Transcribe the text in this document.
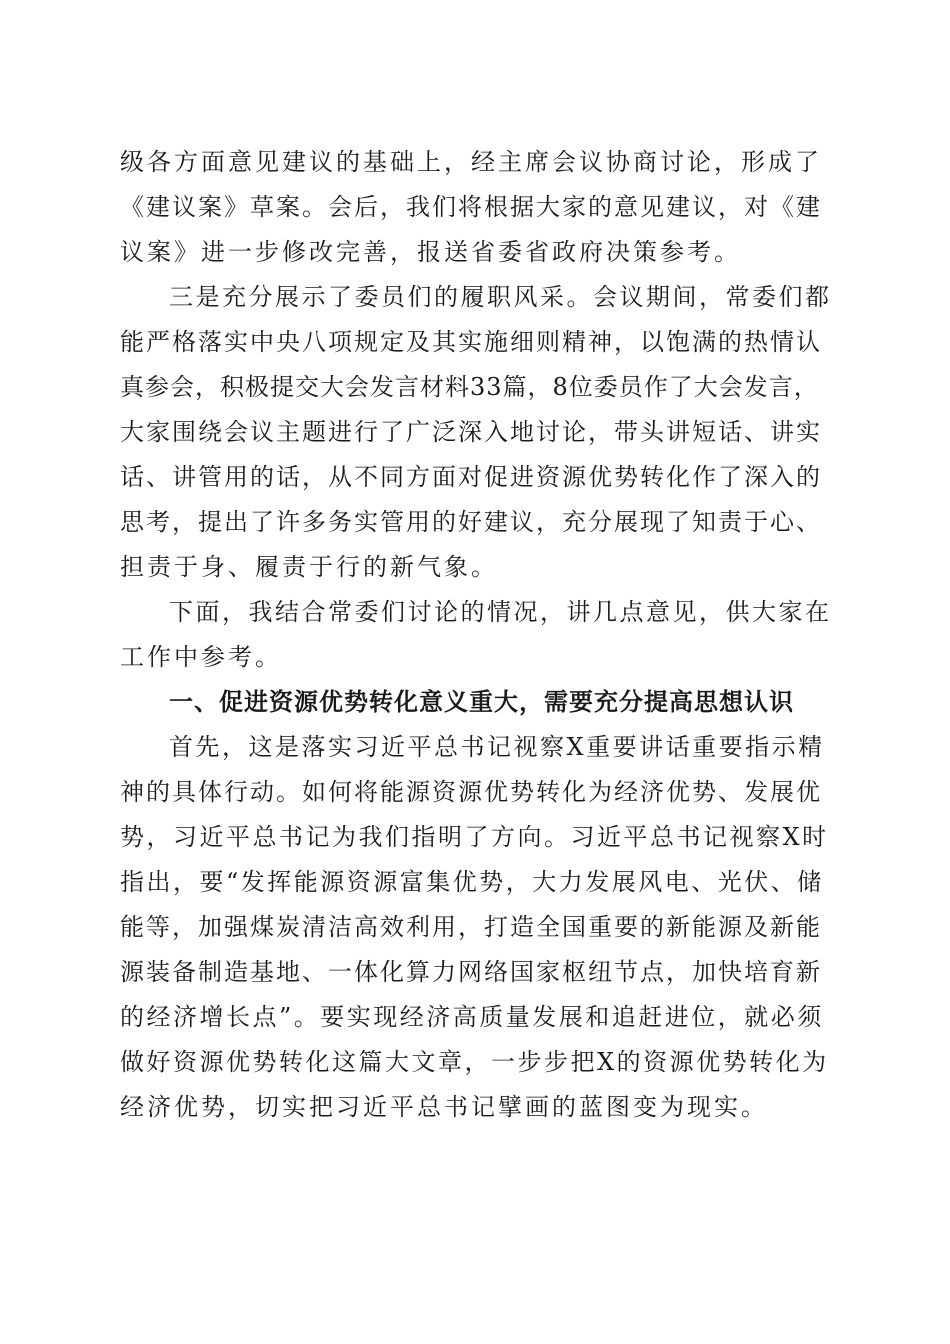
级各方面意见建议的基础上，经主席会议协商讨论，形成了
《建议案》草案。会后，我们将根据大家的意见建议，对《建
议案》进一步修改完善，报送省委省政府决策参考。
三是充分展示了委员们的履职风采。会议期间，常委们都
能严格落实中央八项规定及其实施细则精神，以饱满的热情认
真参会，积极提交大会发言材料33篇，8位委员作了大会发言，
大家围绕会议主题进行了广泛深入地讨论，带头讲短话、讲实
话、讲管用的话，从不同方面对促进资源优势转化作了深入的
思考，提出了许多务实管用的好建议，充分展现了知责于心、
担责于身、履责于行的新气象。
下面，我结合常委们讨论的情况，讲几点意见，供大家在
工作中参考。
一、促进资源优势转化意义重大，需要充分提高思想认识
首先，这是落实习近平总书记视察X重要讲话重要指示精
神的具体行动。如何将能源资源优势转化为经济优势、发展优
势，习近平总书记为我们指明了方向。习近平总书记视察X时
指出，要“发挥能源资源富集优势，大力发展风电、光伏、储
能等，加强煤炭清洁高效利用，打造全国重要的新能源及新能
源装备制造基地、一体化算力网络国家枢纽节点，加快培育新
的经济增长点”。要实现经济高质量发展和追赶进位，就必须
做好资源优势转化这篇大文章，一步步把X的资源优势转化为
经济优势，切实把习近平总书记擘画的蓝图变为现实。
